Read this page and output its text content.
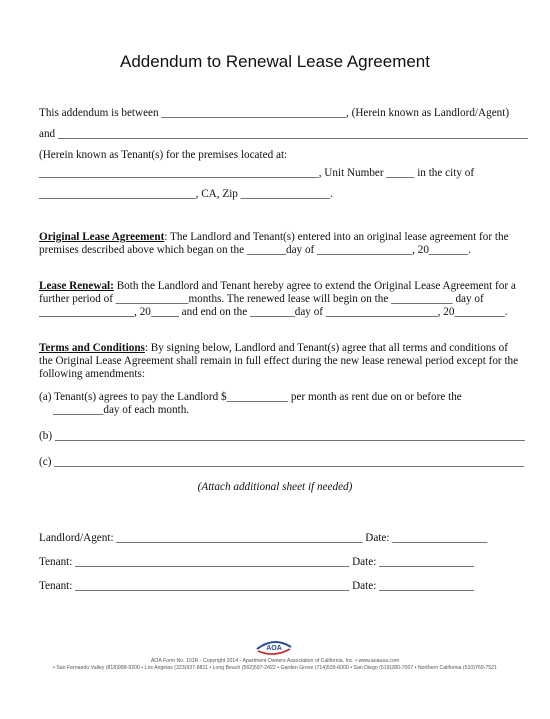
Addendum to Renewal Lease Agreement
This addendum is between _________________________________, (Herein known as Landlord/Agent)
and ____________________________________________________________________________________
(Herein known as Tenant(s) for the premises located at:
__________________________________________________, Unit Number _____ in the city of
____________________________, CA, Zip ________________.
Original Lease Agreement: The Landlord and Tenant(s) entered into an original lease agreement for the
premises described above which began on the _______day of _________________, 20_______.
Lease Renewal: Both the Landlord and Tenant hereby agree to extend the Original Lease Agreement for a
further period of _____________months. The renewed lease will begin on the ___________ day of
_________________, 20_____ and end on the ________day of ____________________, 20_________.
Terms and Conditions: By signing below, Landlord and Tenant(s) agree that all terms and conditions of
the Original Lease Agreement shall remain in full effect during the new lease renewal period except for the
following amendments:
(a) Tenant(s) agrees to pay the Landlord $___________ per month as rent due on or before the
_________day of each month.
(b) ____________________________________________________________________________________
(c) ____________________________________________________________________________________
(Attach additional sheet if needed)
Landlord/Agent: ____________________________________________ Date: _________________
Tenant: _________________________________________________ Date: _________________
Tenant: _________________________________________________ Date: _________________
AOA
AOA Form No. 101R - Copyright 2014 - Apartment Owners Association of California, Inc. • www.aoausa.com
• San Fernando Valley (818)988-9200 • Los Angeles (323)937-8811 • Long Beach (562)597-2422 • Garden Grove (714)539-6000 • San Diego (619)280-7007 • Northern California (510)769-7521
